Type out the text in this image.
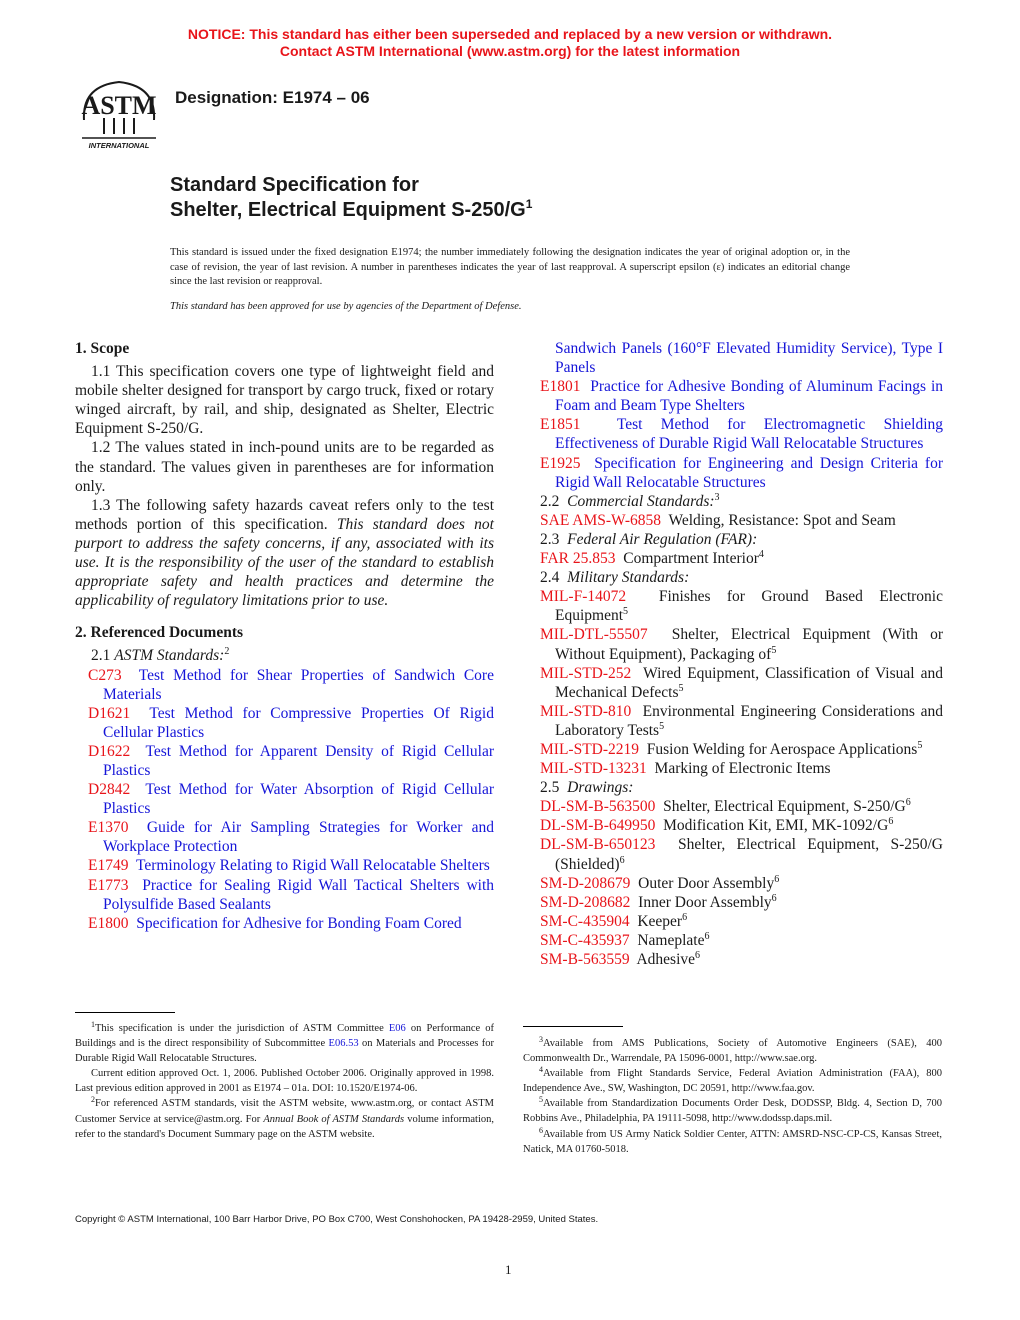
NOTICE: This standard has either been superseded and replaced by a new version or withdrawn.
Contact ASTM International (www.astm.org) for the latest information
ASTM
INTERNATIONAL
Designation: E1974 – 06
Standard Specification for
Shelter, Electrical Equipment $S-250/G^1$
This standard is issued under the fixed designation E1974; the number immediately following the designation indicates the year of original adoption or, in the case of revision, the year of last revision. A number in parentheses indicates the year of last reapproval. A superscript epsilon (ε) indicates an editorial change since the last revision or reapproval.
This standard has been approved for use by agencies of the Department of Defense.

1. Scope

1.1 This specification covers one type of lightweight field and mobile shelter designed for transport by cargo truck, fixed or rotary winged aircraft, by rail, and ship, designated as Shelter, Electric Equipment S-250/G.

1.2 The values stated in inch-pound units are to be regarded as the standard. The values given in parentheses are for information only.

1.3 The following safety hazards caveat refers only to the test methods portion of this specification. This standard does not purport to address the safety concerns, if any, associated with its use. It is the responsibility of the user of the standard to establish appropriate safety and health practices and determine the applicability of regulatory limitations prior to use.

2. Referenced Documents

2.1 ASTM Standards:$^2$

C273 Test Method for Shear Properties of Sandwich Core Materials

D1621 Test Method for Compressive Properties Of Rigid Cellular Plastics

D1622 Test Method for Apparent Density of Rigid Cellular Plastics

D2842 Test Method for Water Absorption of Rigid Cellular Plastics

E1370 Guide for Air Sampling Strategies for Worker and Workplace Protection

E1749 Terminology Relating to Rigid Wall Relocatable Shelters

E1773 Practice for Sealing Rigid Wall Tactical Shelters with Polysulfide Based Sealants

E1800 Specification for Adhesive for Bonding Foam Cored

Sandwich Panels (160°F Elevated Humidity Service), Type I Panels

E1801 Practice for Adhesive Bonding of Aluminum Facings in Foam and Beam Type Shelters

E1851 Test Method for Electromagnetic Shielding Effectiveness of Durable Rigid Wall Relocatable Structures

E1925 Specification for Engineering and Design Criteria for Rigid Wall Relocatable Structures

2.2 Commercial Standards:$^3$

SAE AMS-W-6858 Welding, Resistance: Spot and Seam

2.3 Federal Air Regulation (FAR):

FAR 25.853 Compartment Interior$^4$

2.4 Military Standards:

MIL-F-14072 Finishes for Ground Based Electronic Equipment$^5$

MIL-DTL-55507 Shelter, Electrical Equipment (With or Without Equipment), Packaging of$^5$

MIL-STD-252 Wired Equipment, Classification of Visual and Mechanical Defects$^5$

MIL-STD-810 Environmental Engineering Considerations and Laboratory Tests$^5$

MIL-STD-2219 Fusion Welding for Aerospace Applications$^5$

MIL-STD-13231 Marking of Electronic Items

2.5 Drawings:

DL-SM-B-563500 Shelter, Electrical Equipment, S-250/G$^6$

DL-SM-B-649950 Modification Kit, EMI, MK-1092/G$^6$

DL-SM-B-650123 Shelter, Electrical Equipment, S-250/G (Shielded)$^6$

SM-D-208679 Outer Door Assembly$^6$

SM-D-208682 Inner Door Assembly$^6$

SM-C-435904 Keeper$^6$

SM-C-435937 Nameplate$^6$

SM-B-563559 Adhesive$^6$

$^1$This specification is under the jurisdiction of ASTM Committee E06 on Performance of Buildings and is the direct responsibility of Subcommittee E06.53 on Materials and Processes for Durable Rigid Wall Relocatable Structures.

Current edition approved Oct. 1, 2006. Published October 2006. Originally approved in 1998. Last previous edition approved in 2001 as E1974 – 01a. DOI: 10.1520/E1974-06.

$^2$For referenced ASTM standards, visit the ASTM website, www.astm.org, or contact ASTM Customer Service at service@astm.org. For Annual Book of ASTM Standards volume information, refer to the standard's Document Summary page on the ASTM website.

$^3$Available from AMS Publications, Society of Automotive Engineers (SAE), 400 Commonwealth Dr., Warrendale, PA 15096-0001, http://www.sae.org.

$^4$Available from Flight Standards Service, Federal Aviation Administration (FAA), 800 Independence Ave., SW, Washington, DC 20591, http://www.faa.gov.

$^5$Available from Standardization Documents Order Desk, DODSSP, Bldg. 4, Section D, 700 Robbins Ave., Philadelphia, PA 19111-5098, http://www.dodssp.daps.mil.

$^6$Available from US Army Natick Soldier Center, ATTN: AMSRD-NSC-CP-CS, Kansas Street, Natick, MA 01760-5018.

Copyright © ASTM International, 100 Barr Harbor Drive, PO Box C700, West Conshohocken, PA 19428-2959, United States.
1
